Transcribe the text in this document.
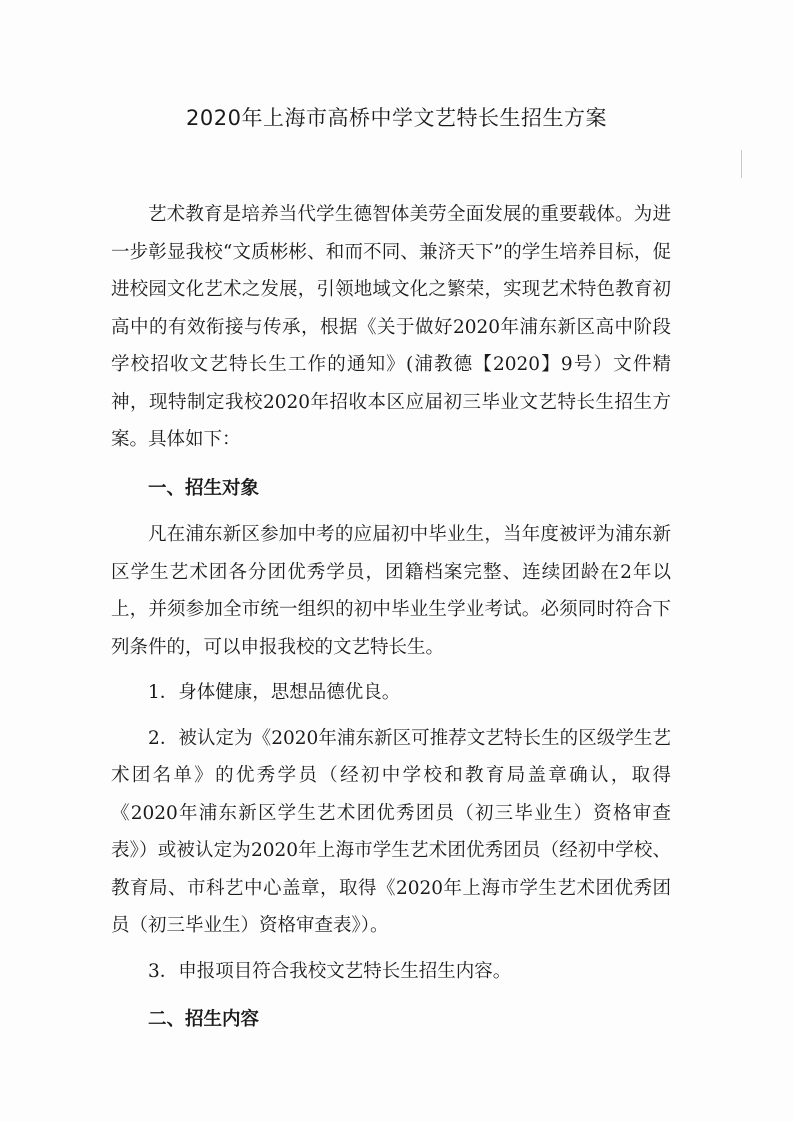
2020年上海市高桥中学文艺特长生招生方案

艺术教育是培养当代学生德智体美劳全面发展的重要载体。为进一步彰显我校“文质彬彬、和而不同、兼济天下”的学生培养目标，促进校园文化艺术之发展，引领地域文化之繁荣，实现艺术特色教育初高中的有效衔接与传承，根据《关于做好2020年浦东新区高中阶段学校招收文艺特长生工作的通知》(浦教德【2020】9号）文件精神，现特制定我校2020年招收本区应届初三毕业文艺特长生招生方案。具体如下：

一、招生对象

凡在浦东新区参加中考的应届初中毕业生，当年度被评为浦东新区学生艺术团各分团优秀学员，团籍档案完整、连续团龄在2年以上，并须参加全市统一组织的初中毕业生学业考试。必须同时符合下列条件的，可以申报我校的文艺特长生。

1．身体健康，思想品德优良。

2．被认定为《2020年浦东新区可推荐文艺特长生的区级学生艺术团名单》的优秀学员（经初中学校和教育局盖章确认，取得《2020年浦东新区学生艺术团优秀团员（初三毕业生）资格审查表》）或被认定为2020年上海市学生艺术团优秀团员（经初中学校、教育局、市科艺中心盖章，取得《2020年上海市学生艺术团优秀团员（初三毕业生）资格审查表》）。

3．申报项目符合我校文艺特长生招生内容。

二、招生内容
